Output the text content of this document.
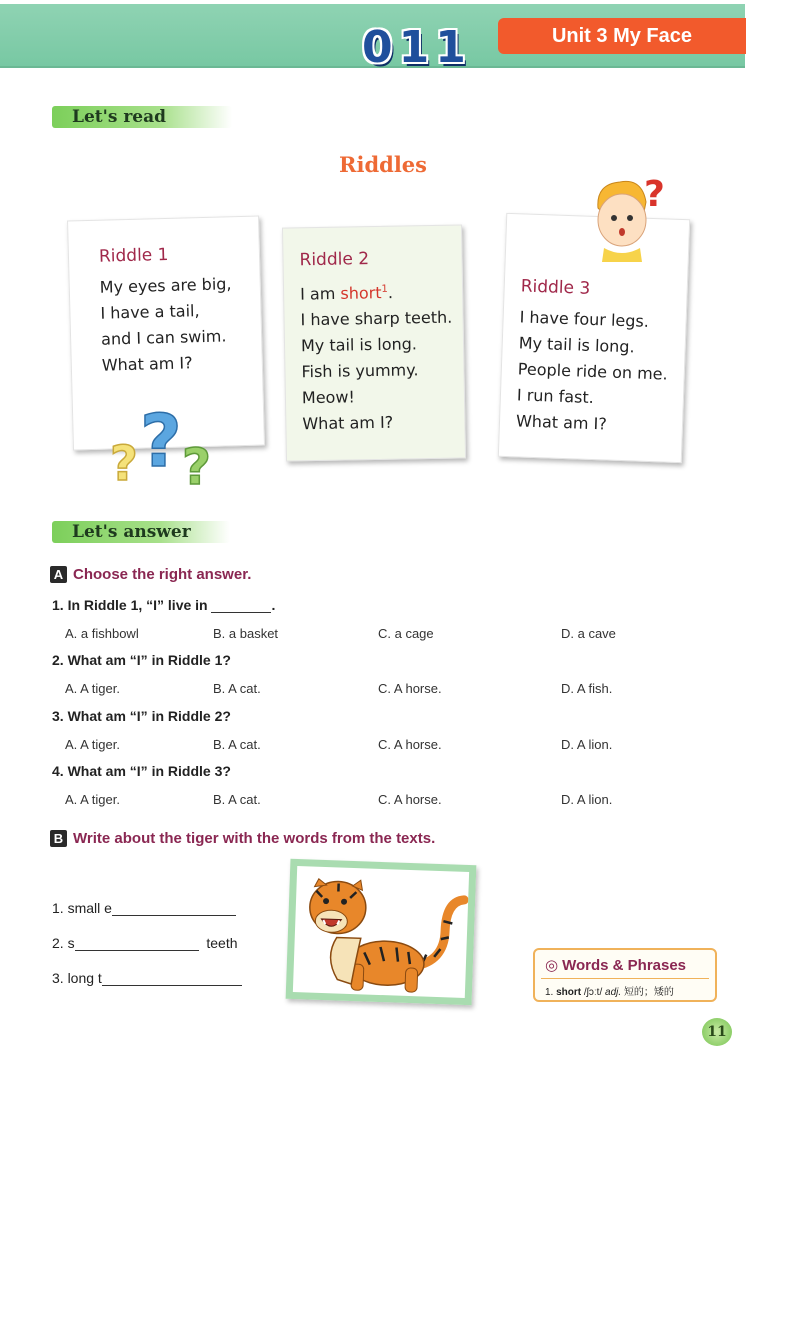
011	Unit 3 My Face
Let's read
Riddles
Riddle 1

My eyes are big,

I have a tail,

and I can swim.

What am I?

? ? ?
Riddle 2

I am short$^1$.

I have sharp teeth.

My tail is long.

Fish is yummy.

Meow!

What am I?

Riddle 3

I have four legs.

My tail is long.

People ride on me.

I run fast.

What am I?

?
Let's answer
A Choose the right answer.
1. In Riddle 1, “I” live in	.
A. a fishbowl	B. a basket	C. a cage	D. a cave
2. What am “I” in Riddle 1?
A. A tiger.	B. A cat.	C. A horse.	D. A fish.
3. What am “I” in Riddle 2?
A. A tiger.	B. A cat.	C. A horse.	D. A lion.
4. What am “I” in Riddle 3?
A. A tiger.	B. A cat.	C. A horse.	D. A lion.
B Write about the tiger with the words from the texts.
1. small e
2. s	teeth
3. long t
◎ Words & Phrases
1. short /ʃɔːt/ adj. 短的；矮的
11
